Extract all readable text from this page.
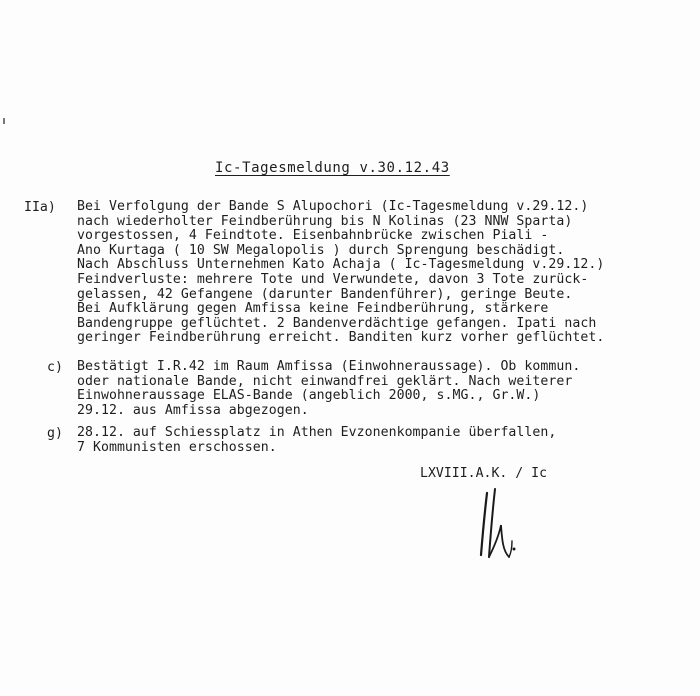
Ic-Tagesmeldung v.30.12.43
IIa) Bei Verfolgung der Bande S Alupochori (Ic-Tagesmeldung v.29.12.)
nach wiederholter Feindberührung bis N Kolinas (23 NNW Sparta)
vorgestossen, 4 Feindtote. Eisenbahnbrücke zwischen Piali -
Ano Kurtaga ( 10 SW Megalopolis ) durch Sprengung beschädigt.
Nach Abschluss Unternehmen Kato Achaja ( Ic-Tagesmeldung v.29.12.)
Feindverluste: mehrere Tote und Verwundete, davon 3 Tote zurück-
gelassen, 42 Gefangene (darunter Bandenführer), geringe Beute.
Bei Aufklärung gegen Amfissa keine Feindberührung, stärkere
Bandengruppe geflüchtet. 2 Bandenverdächtige gefangen. Ipati nach
geringer Feindberührung erreicht. Banditen kurz vorher geflüchtet.
c) Bestätigt I.R.42 im Raum Amfissa (Einwohneraussage). Ob kommun.
oder nationale Bande, nicht einwandfrei geklärt. Nach weiterer
Einwohneraussage ELAS-Bande (angeblich 2000, s.MG., Gr.W.)
29.12. aus Amfissa abgezogen.
g) 28.12. auf Schiessplatz in Athen Evzonenkompanie überfallen,
7 Kommunisten erschossen.
LXVIII.A.K. / Ic
